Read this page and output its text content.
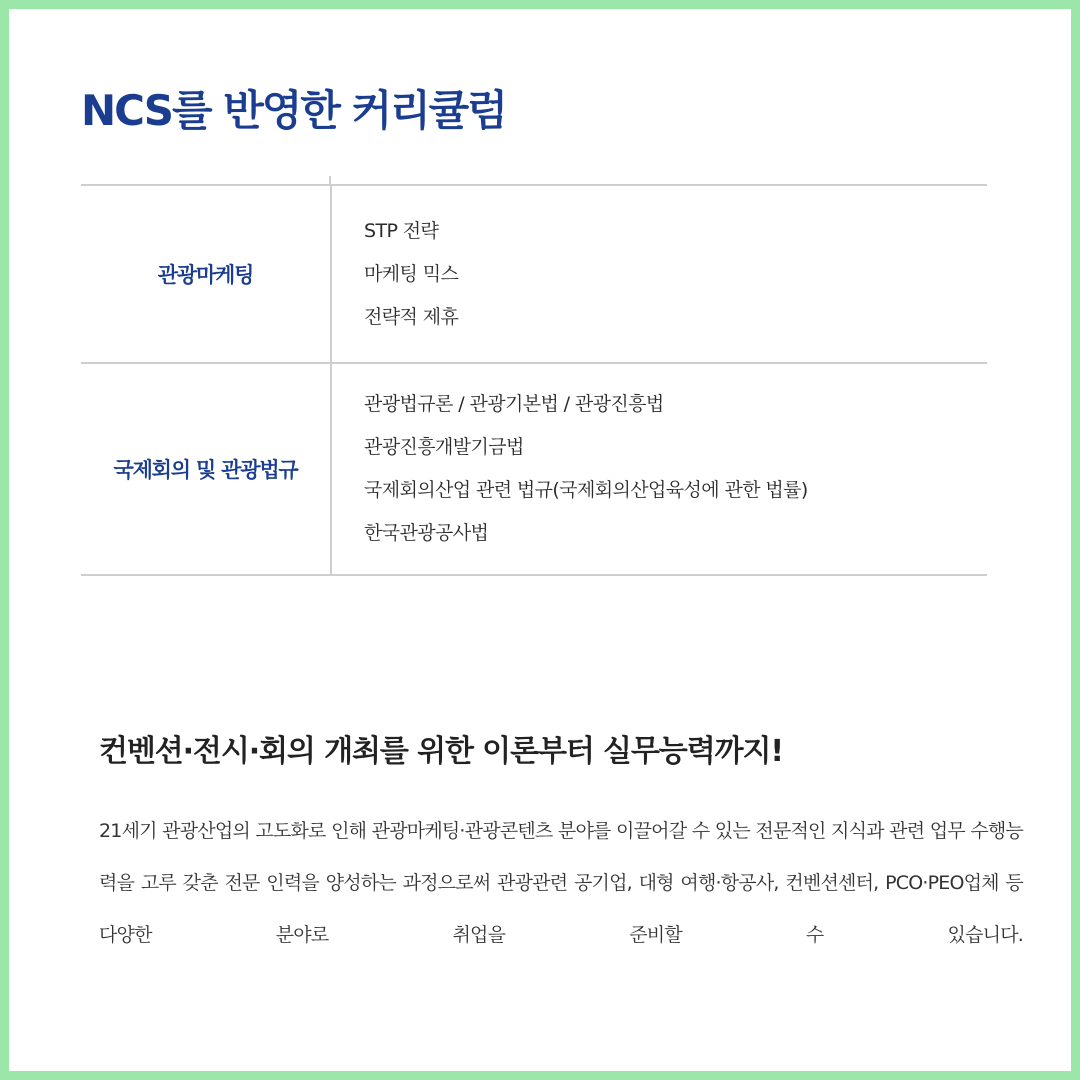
NCS를 반영한 커리큘럼
관광마케팅
STP 전략
마케팅 믹스
전략적 제휴
국제회의 및 관광법규
관광법규론 / 관광기본법 / 관광진흥법
관광진흥개발기금법
국제회의산업 관련 법규(국제회의산업육성에 관한 법률)
한국관광공사법
컨벤션·전시·회의 개최를 위한 이론부터 실무능력까지!

21세기 관광산업의 고도화로 인해 관광마케팅·관광콘텐츠 분야를 이끌어갈 수 있는 전문적인 지식과 관련 업무 수행능력을 고루 갖춘 전문 인력을 양성하는 과정으로써 관광관련 공기업, 대형 여행·항공사, 컨벤션센터, PCO·PEO업체 등 다양한 분야로 취업을 준비할 수 있습니다.
